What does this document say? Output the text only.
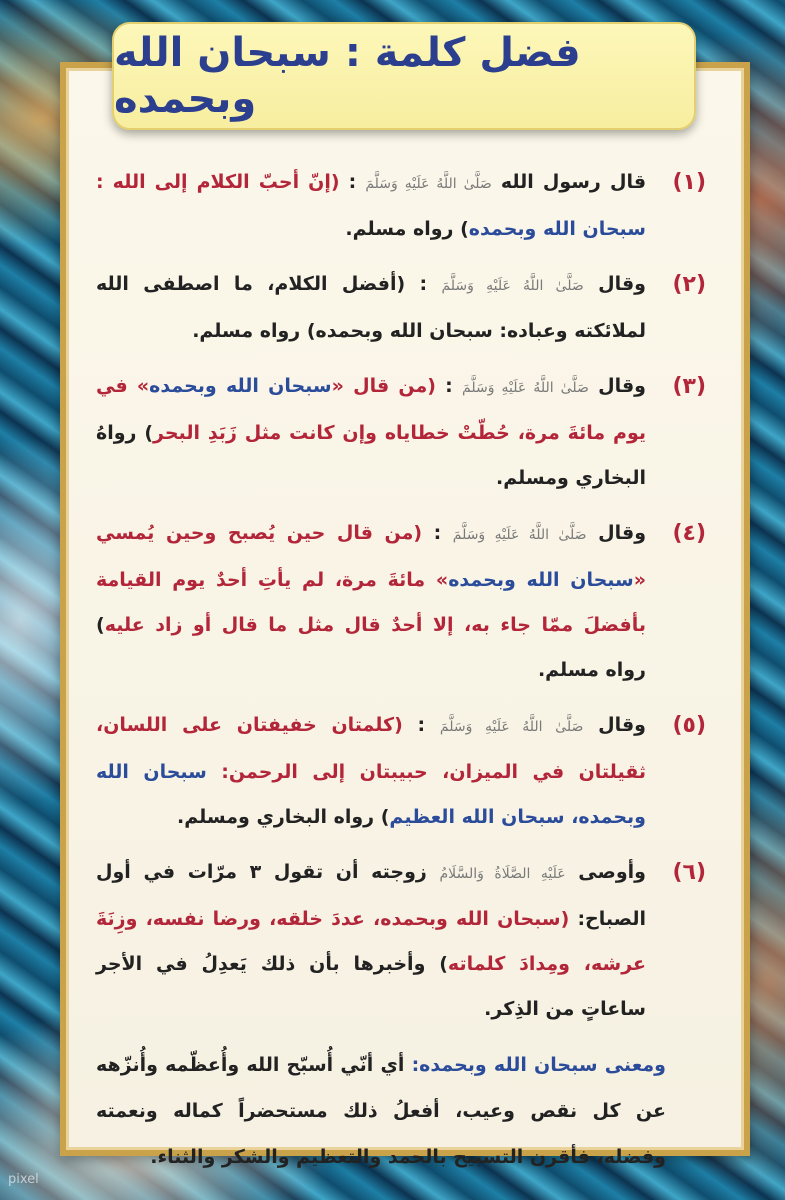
فضل كلمة : سبحان الله وبحمده
(١)
قال رسول الله صَلَّىٰ اللَّهُ عَلَيْهِ وَسَلَّمَ : (إنّ أحبّ الكلام إلى الله : سبحان الله وبحمده) رواه مسلم.
(٢)
وقال صَلَّىٰ اللَّهُ عَلَيْهِ وَسَلَّمَ : (أفضل الكلام، ما اصطفى الله لملائكته وعباده: سبحان الله وبحمده) رواه مسلم.
(٣)
وقال صَلَّىٰ اللَّهُ عَلَيْهِ وَسَلَّمَ : (من قال «سبحان الله وبحمده» في يوم مائةَ مرة، حُطّتْ خطاياه وإن كانت مثل زَبَدِ البحر) رواهُ البخاري ومسلم.
(٤)
وقال صَلَّىٰ اللَّهُ عَلَيْهِ وَسَلَّمَ : (من قال حين يُصبح وحين يُمسي «سبحان الله وبحمده» مائةَ مرة، لم يأتِ أحدٌ يوم القيامة بأفضلَ ممّا جاء به، إلا أحدٌ قال مثل ما قال أو زاد عليه) رواه مسلم.
(٥)
وقال صَلَّىٰ اللَّهُ عَلَيْهِ وَسَلَّمَ : (كلمتان خفيفتان على اللسان، ثقيلتان في الميزان، حبيبتان إلى الرحمن: سبحان الله وبحمده، سبحان الله العظيم) رواه البخاري ومسلم.
(٦)
وأوصى عَلَيْهِ الصَّلَاةُ وَالسَّلَامُ زوجته أن تقول ٣ مرّات في أول الصباح: (سبحان الله وبحمده، عددَ خلقه، ورضا نفسه، وزِنَةَ عرشه، ومِدادَ كلماته) وأخبرها بأن ذلك يَعدِلُ في الأجر ساعاتٍ من الذِكر.
ومعنى سبحان الله وبحمده: أي أنّي أُسبّح الله وأُعظّمه وأُنزّهه عن كل نقص وعيب، أفعلُ ذلك مستحضراً كماله ونعمته وفضله، فأقرن التسبيح بالحمد والتعظيم والشكر والثناء.
pixel
